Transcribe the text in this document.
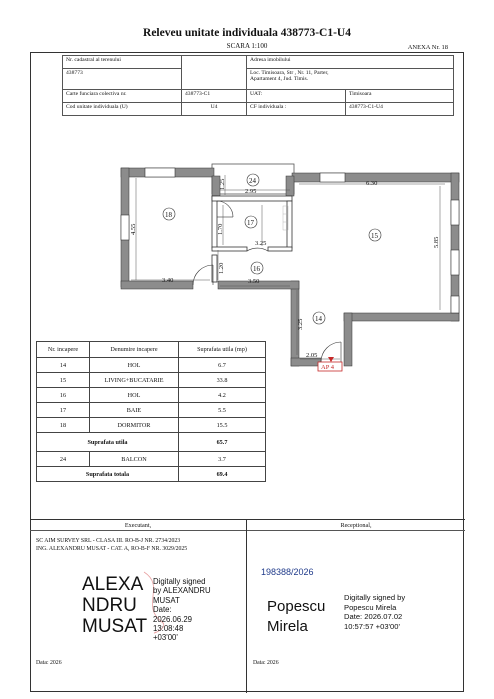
Releveu unitate individuala 438773-C1-U4
SCARA 1:100	ANEXA Nr. 18
Nr. cadastral al terenului		Adresa imobilului	
438773		Loc. Timisoara, Str , Nr. 11, Parter,
Apartament 4, Jud. Timis.	

Carte funciara colectiva nr.	438773-C1	UAT:	Timisoara
Cod unitate individuala (U)	U4	CF individuala :	438773-C1-U4
1.25
2.95
6.30
4.55	1.70
3.25	5.85
3.40
1.20
3.50
3.25
2.05
24
18
17
15
16
14
AP 4
Nr. incapere	Denumire incapere	Suprafata utila (mp)
14	HOL	6.7
15	LIVING+BUCATARIE	33.8
16	HOL	4.2
17	BAIE	5.5
18	DORMITOR	15.5
Suprafata utila		65.7
24	BALCON	3.7
Suprafata totala		69.4
Executant,
SC AIM SURVEY SRL - CLASA III. RO-B-J NR. 2734/2023
ING. ALEXANDRU MUSAT - CAT. A, RO-B-F NR. 3029/2025
ALEXA
NDRU
MUSAT
Digitally signed
by ALEXANDRU
MUSAT
Date:
2026.06.29
13:08:48
+03'00'
Data: 2026
Receptional,
198388/2026
Popescu
Mirela
Digitally signed by
Popescu Mirela
Date: 2026.07.02
10:57:57 +03'00'
Data: 2026
